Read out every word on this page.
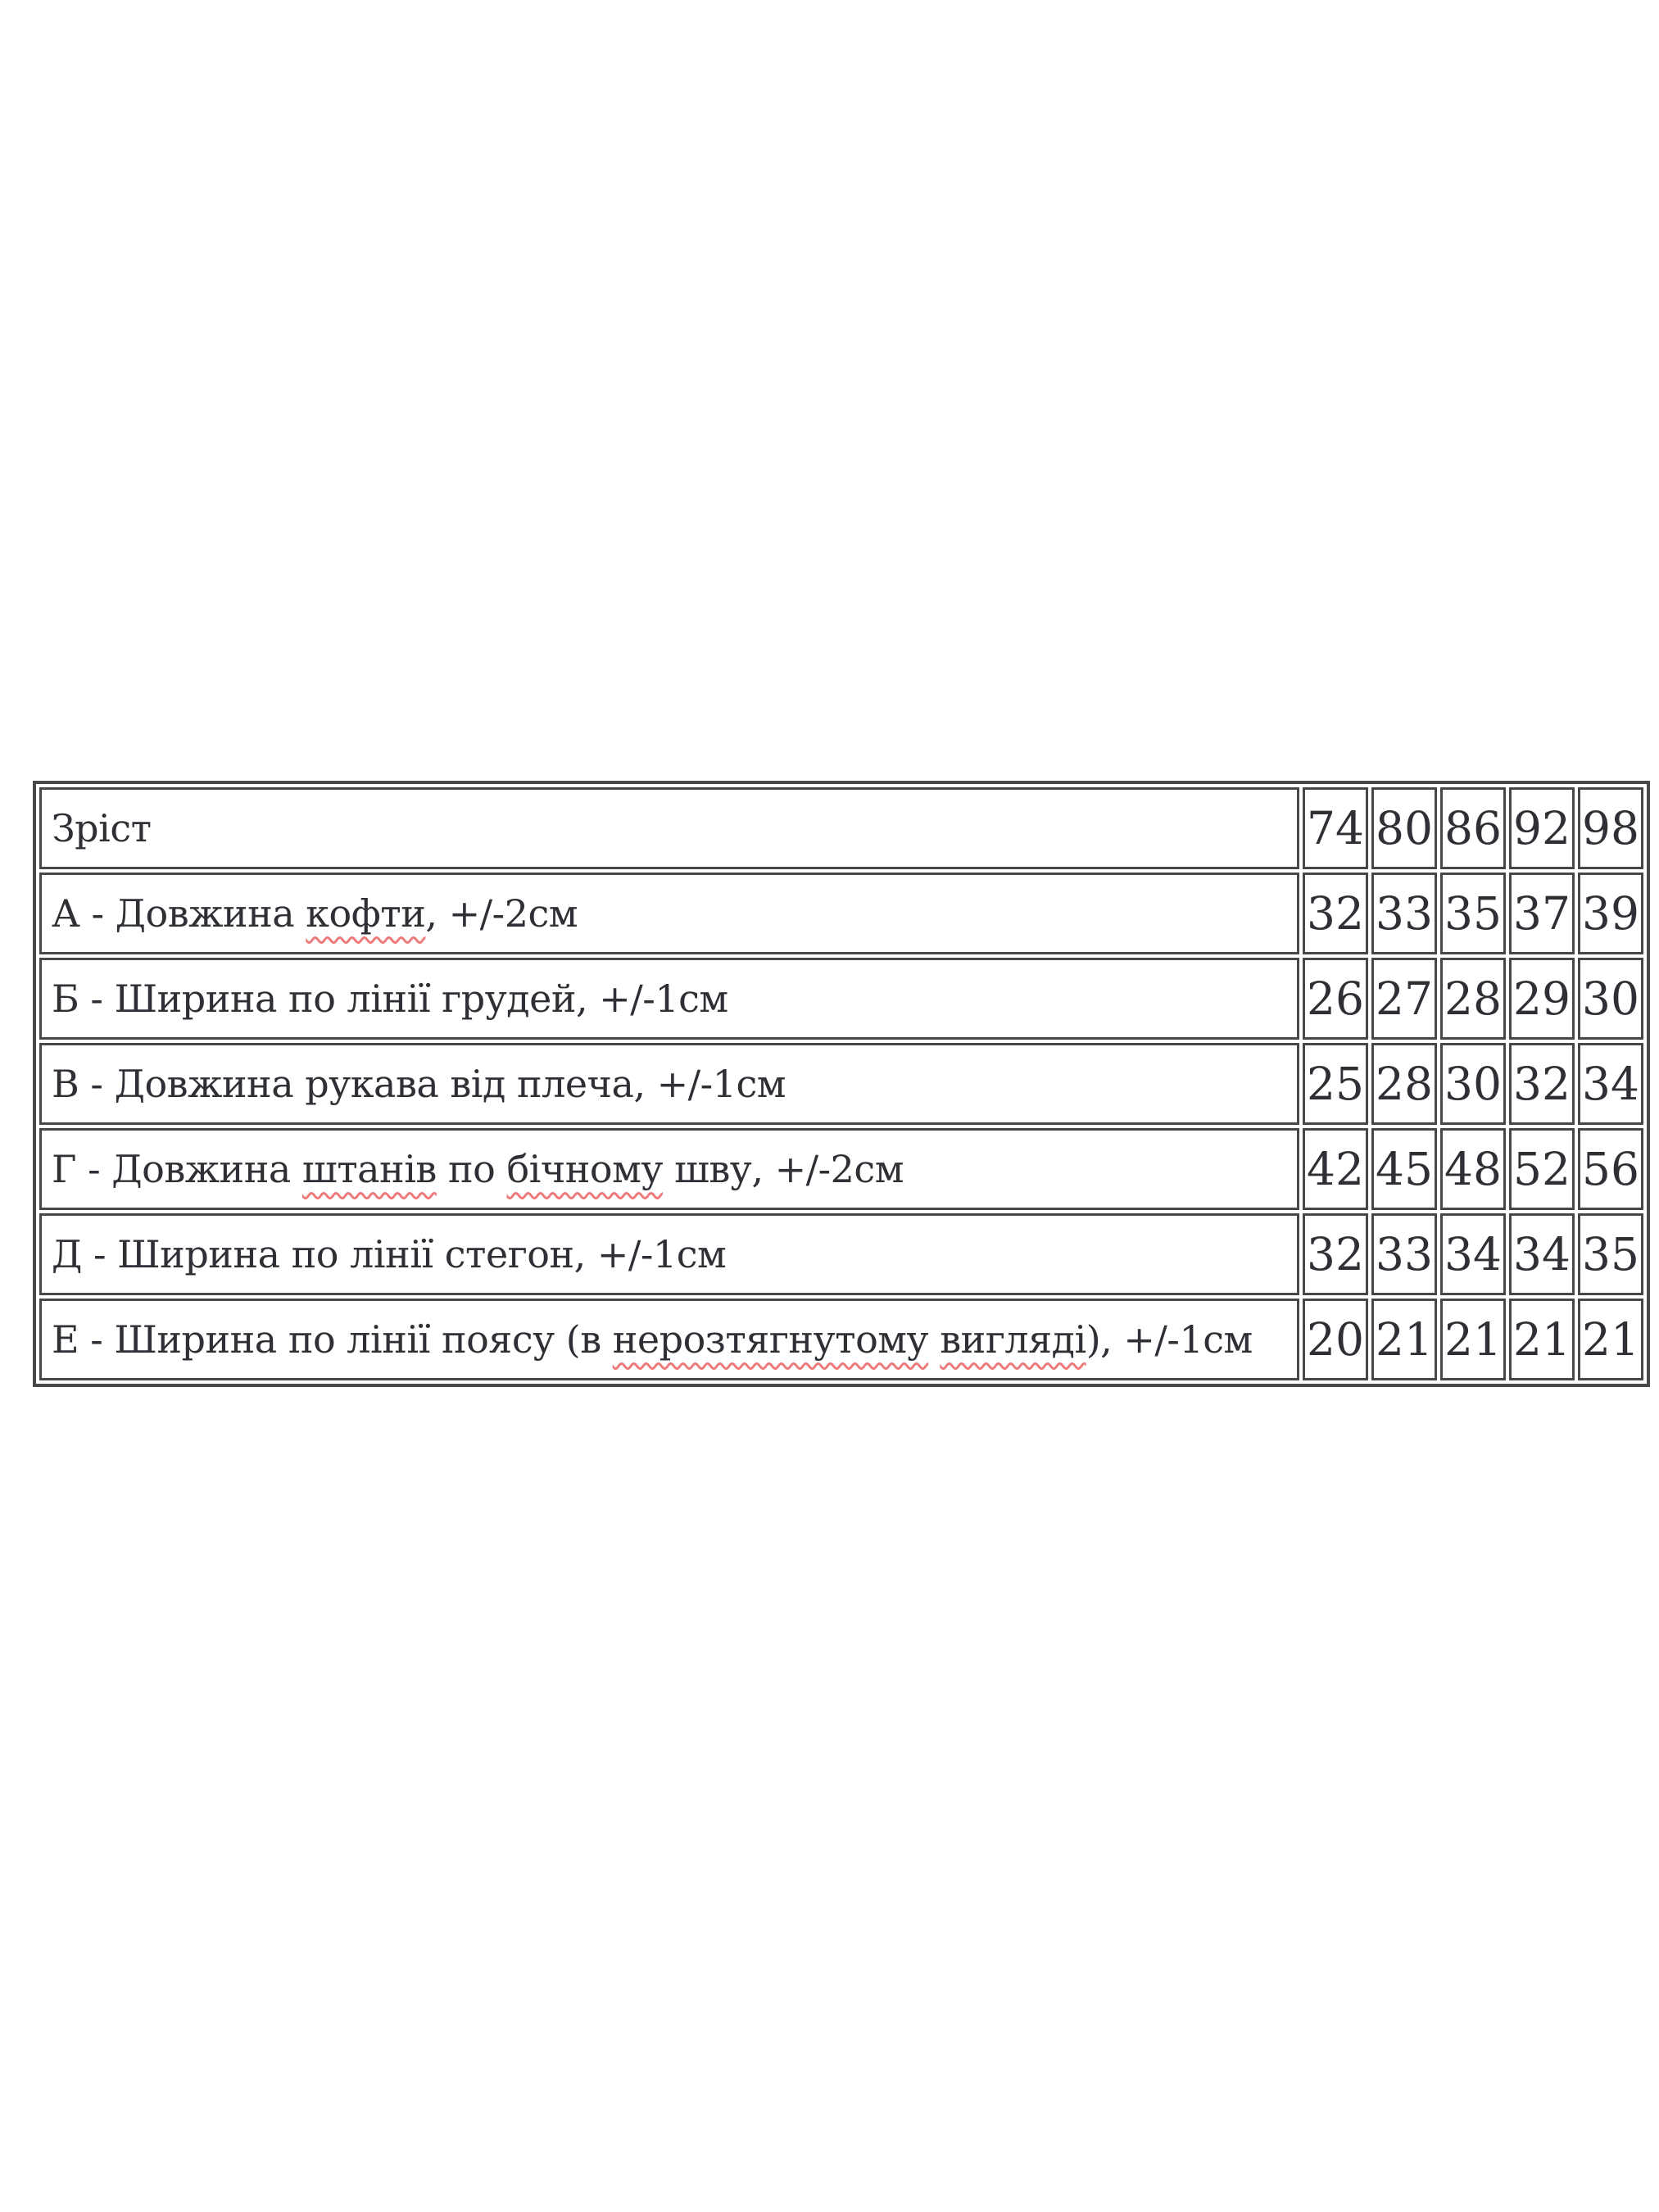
Зріст	74	80	86	92	98
А - Довжина кофти, +/-2см	32	33	35	37	39
Б - Ширина по лінії грудей, +/-1см	26	27	28	29	30
В - Довжина рукава від плеча, +/-1см	25	28	30	32	34
Г - Довжина штанів по бічному шву, +/-2см	42	45	48	52	56
Д - Ширина по лінії стегон, +/-1см	32	33	34	34	35
Е - Ширина по лінії поясу (в нерозтягнутому вигляді), +/-1см	20	21	21	21	21
